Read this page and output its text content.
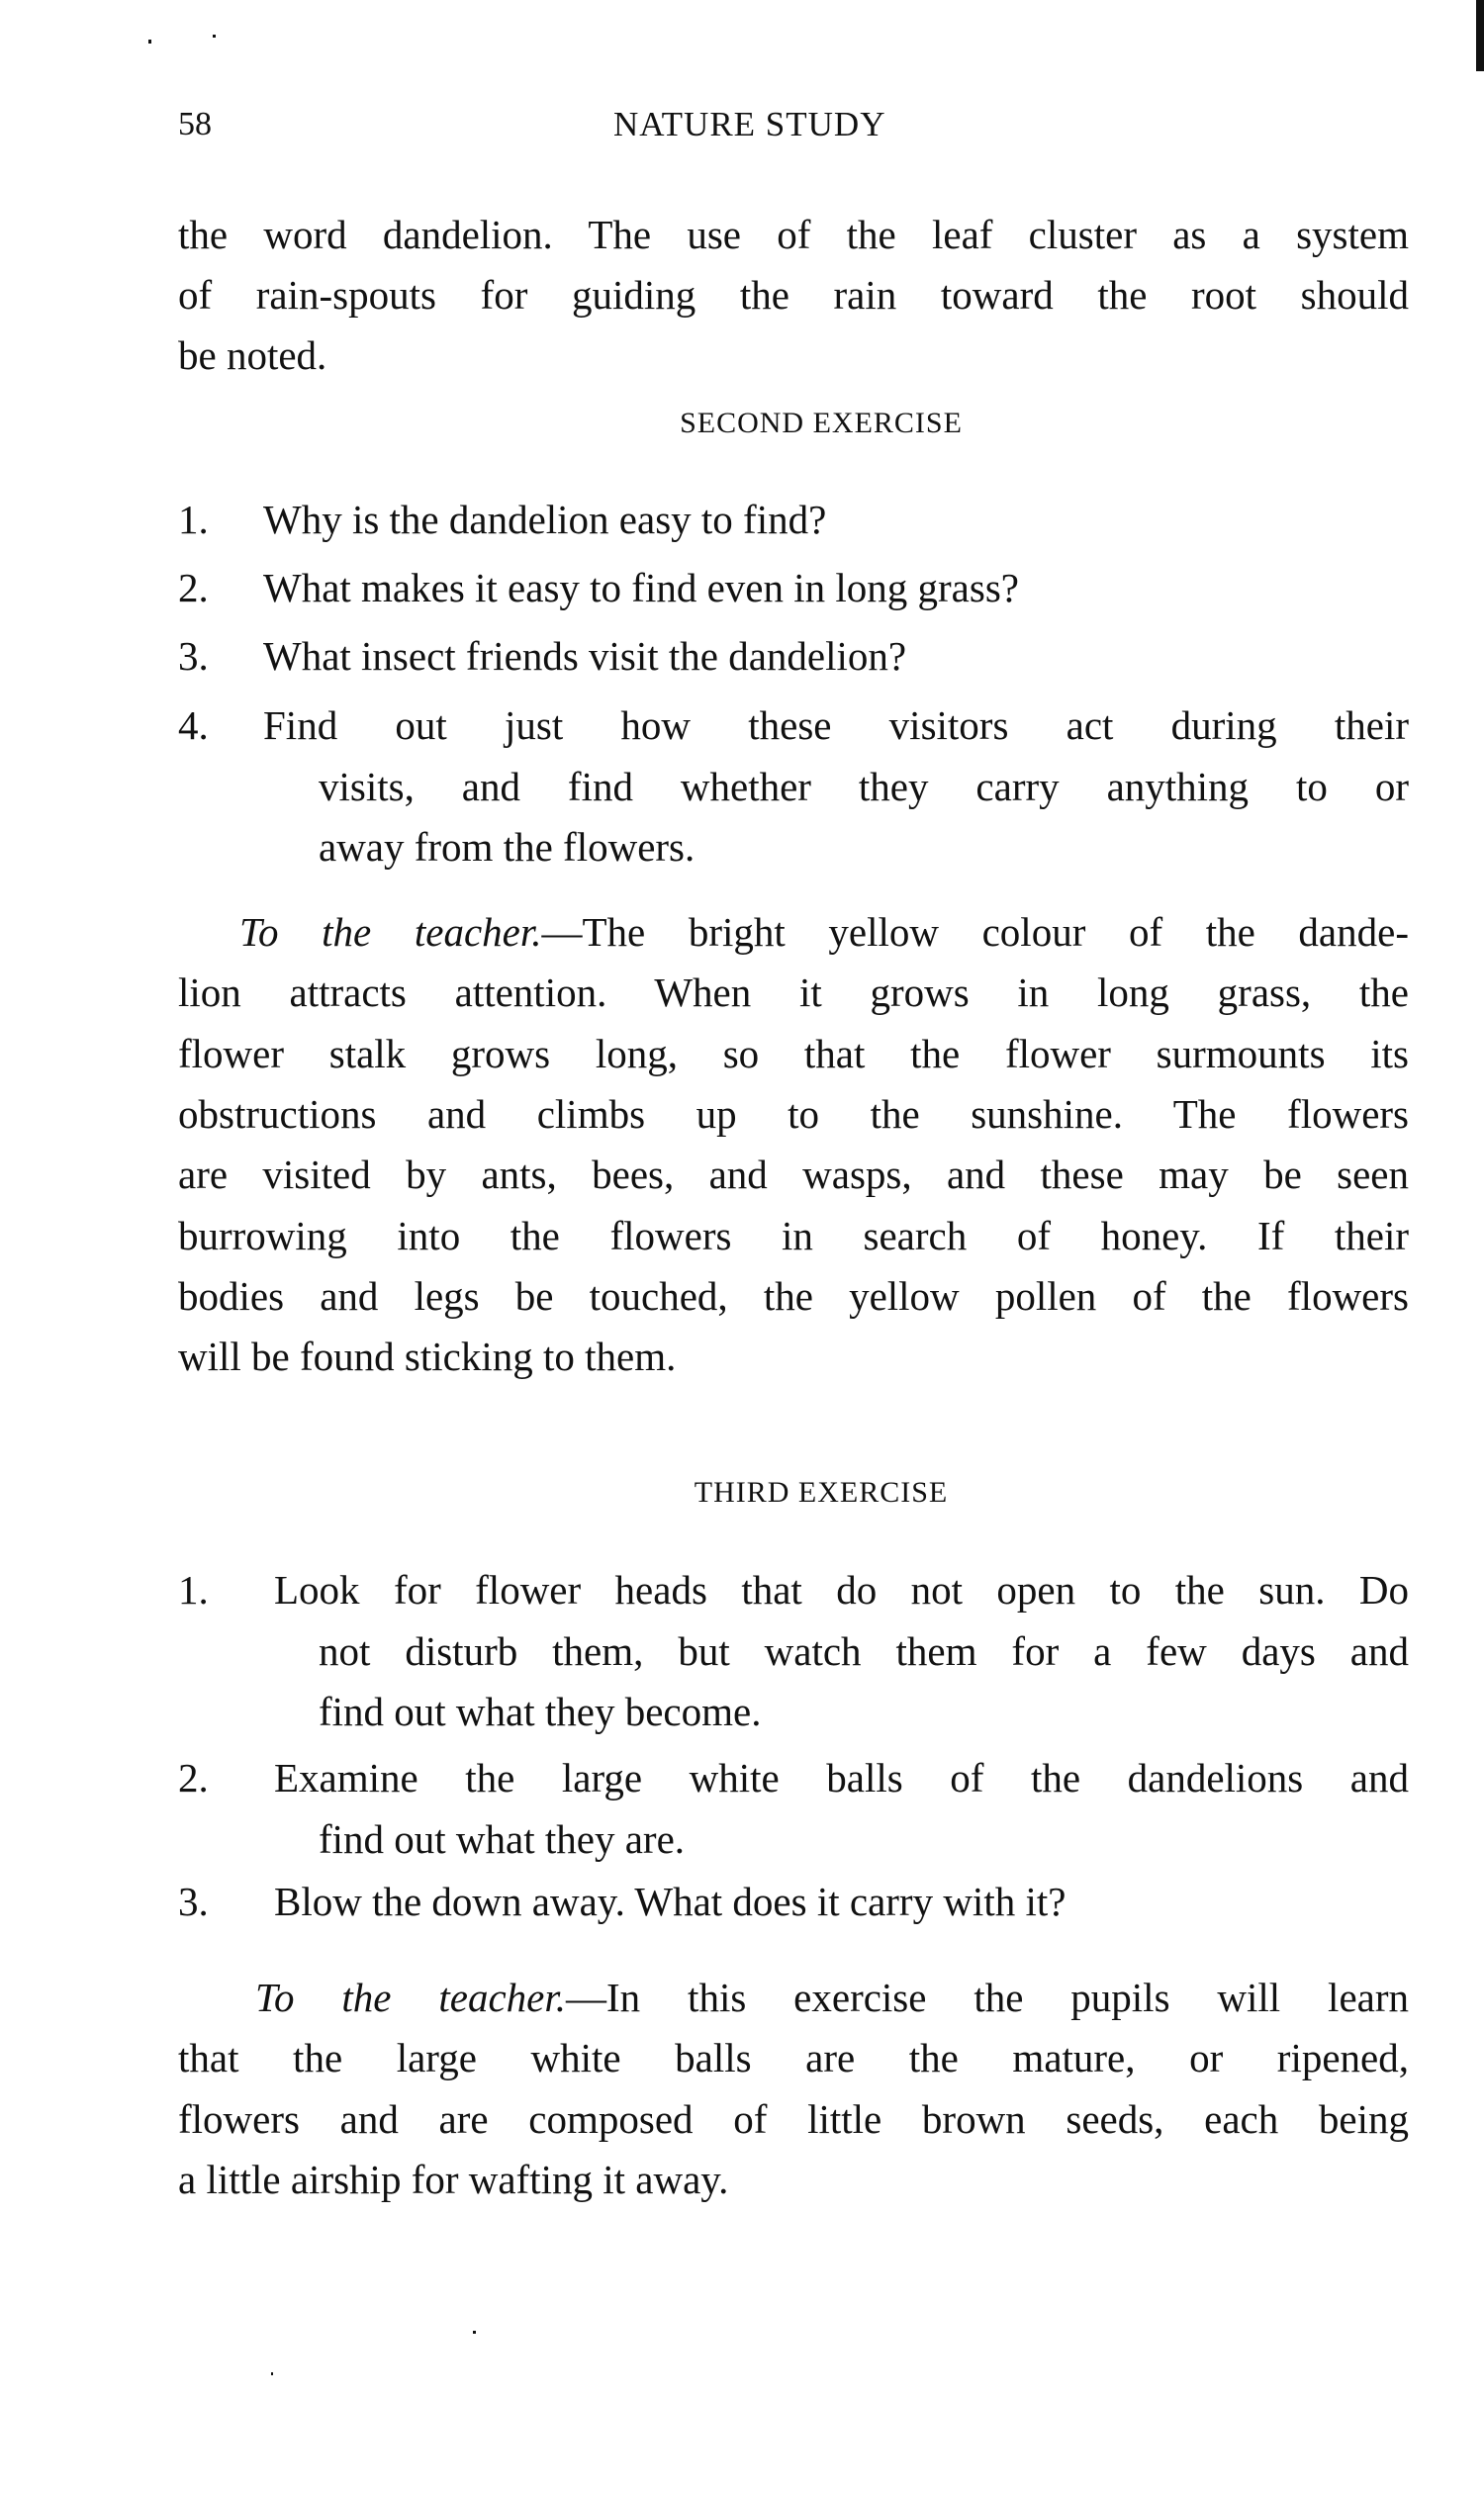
58	NATURE STUDY
the word dandelion. The use of the leaf cluster as a system
of rain-spouts for guiding the rain toward the root should
be noted.
SECOND EXERCISE
1. Why is the dandelion easy to find?
2. What makes it easy to find even in long grass?
3. What insect friends visit the dandelion?
4. Find out just how these visitors act during their
visits, and find whether they carry anything to or
away from the flowers.
To the teacher.—The bright yellow colour of the dande-
lion attracts attention. When it grows in long grass, the
flower stalk grows long, so that the flower surmounts its
obstructions and climbs up to the sunshine. The flowers
are visited by ants, bees, and wasps, and these may be seen
burrowing into the flowers in search of honey. If their
bodies and legs be touched, the yellow pollen of the flowers
will be found sticking to them.
THIRD EXERCISE
1. Look for flower heads that do not open to the sun. Do
not disturb them, but watch them for a few days and
find out what they become.
2. Examine the large white balls of the dandelions and
find out what they are.
3. Blow the down away. What does it carry with it?
To the teacher.—In this exercise the pupils will learn
that the large white balls are the mature, or ripened,
flowers and are composed of little brown seeds, each being
a little airship for wafting it away.
